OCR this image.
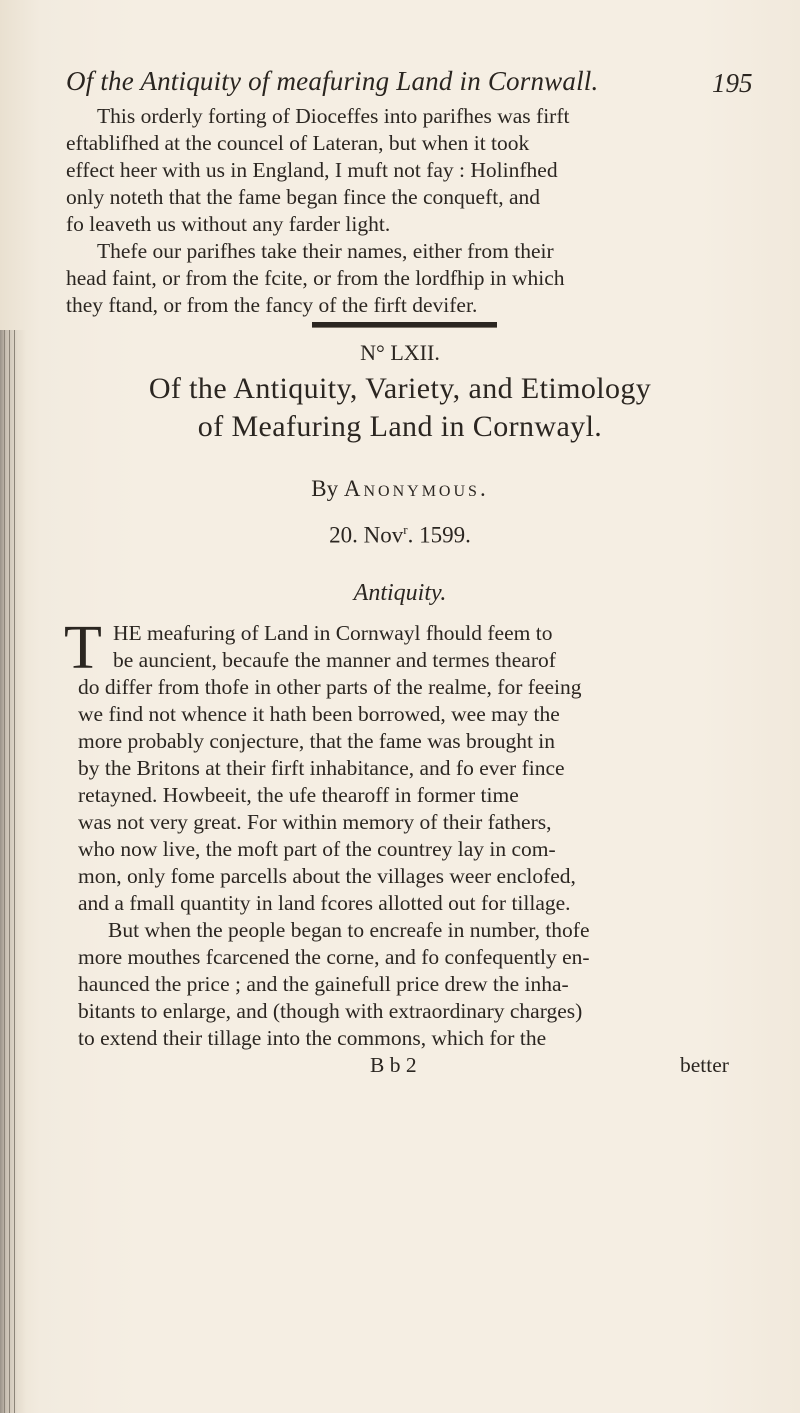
Of the Antiquity of meafuring Land in Cornwall.	195
This orderly forting of Dioceffes into parifhes was firft
eftablifhed at the councel of Lateran, but when it took
effect heer with us in England, I muft not fay : Holinfhed
only noteth that the fame began fince the conqueft, and
fo leaveth us without any farder light.
Thefe our parifhes take their names, either from their
head faint, or from the fcite, or from the lordfhip in which
they ftand, or from the fancy of the firft devifer.
N° LXII.
Of the Antiquity, Variety, and Etimology
of Meafuring Land in Cornwayl.
By Anonymous.
20. Nov$^r$. 1599.
Antiquity.
T HE meafuring of Land in Cornwayl fhould feem to
be auncient, becaufe the manner and termes thearof
do differ from thofe in other parts of the realme, for feeing
we find not whence it hath been borrowed, wee may the
more probably conjecture, that the fame was brought in
by the Britons at their firft inhabitance, and fo ever fince
retayned. Howbeeit, the ufe thearoff in former time
was not very great. For within memory of their fathers,
who now live, the moft part of the countrey lay in com-
mon, only fome parcells about the villages weer enclofed,
and a fmall quantity in land fcores allotted out for tillage.
But when the people began to encreafe in number, thofe
more mouthes fcarcened the corne, and fo confequently en-
haunced the price ; and the gainefull price drew the inha-
bitants to enlarge, and (though with extraordinary charges)
to extend their tillage into the commons, which for the
B b 2	better
